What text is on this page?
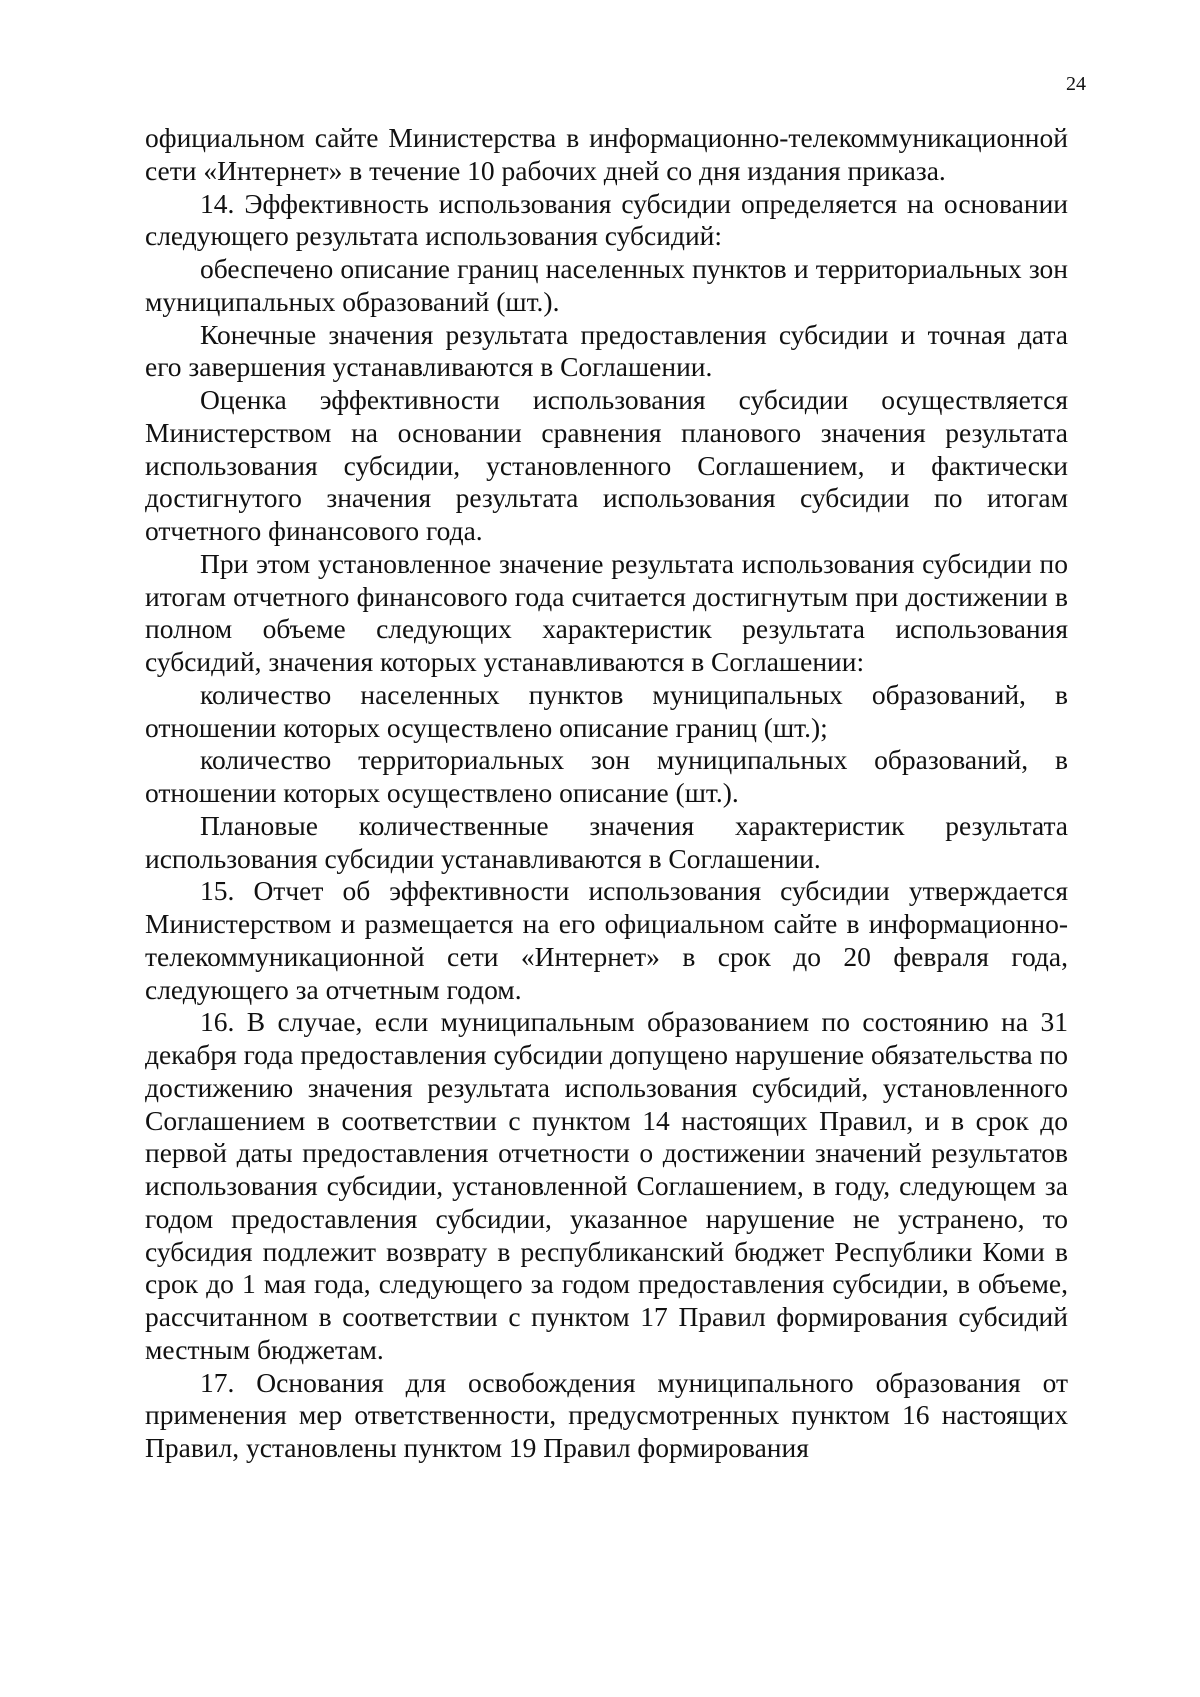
24

официальном сайте Министерства в информационно-телекоммуникационной сети «Интернет» в течение 10 рабочих дней со дня издания приказа.

14. Эффективность использования субсидии определяется на основании следующего результата использования субсидий:

обеспечено описание границ населенных пунктов и территориальных зон муниципальных образований (шт.).

Конечные значения результата предоставления субсидии и точная дата его завершения устанавливаются в Соглашении.

Оценка эффективности использования субсидии осуществляется Министерством на основании сравнения планового значения результата использования субсидии, установленного Соглашением, и фактически достигнутого значения результата использования субсидии по итогам отчетного финансового года.

При этом установленное значение результата использования субсидии по итогам отчетного финансового года считается достигнутым при достижении в полном объеме следующих характеристик результата использования субсидий, значения которых устанавливаются в Соглашении:

количество населенных пунктов муниципальных образований, в отношении которых осуществлено описание границ (шт.);

количество территориальных зон муниципальных образований, в отношении которых осуществлено описание (шт.).

Плановые количественные значения характеристик результата использования субсидии устанавливаются в Соглашении.

15. Отчет об эффективности использования субсидии утверждается Министерством и размещается на его официальном сайте в информационно-телекоммуникационной сети «Интернет» в срок до 20 февраля года, следующего за отчетным годом.

16. В случае, если муниципальным образованием по состоянию на 31 декабря года предоставления субсидии допущено нарушение обязательства по достижению значения результата использования субсидий, установленного Соглашением в соответствии с пунктом 14 настоящих Правил, и в срок до первой даты предоставления отчетности о достижении значений результатов использования субсидии, установленной Соглашением, в году, следующем за годом предоставления субсидии, указанное нарушение не устранено, то субсидия подлежит возврату в республиканский бюджет Республики Коми в срок до 1 мая года, следующего за годом предоставления субсидии, в объеме, рассчитанном в соответствии с пунктом 17 Правил формирования субсидий местным бюджетам.

17. Основания для освобождения муниципального образования от применения мер ответственности, предусмотренных пунктом 16 настоящих Правил, установлены пунктом 19 Правил формирования
